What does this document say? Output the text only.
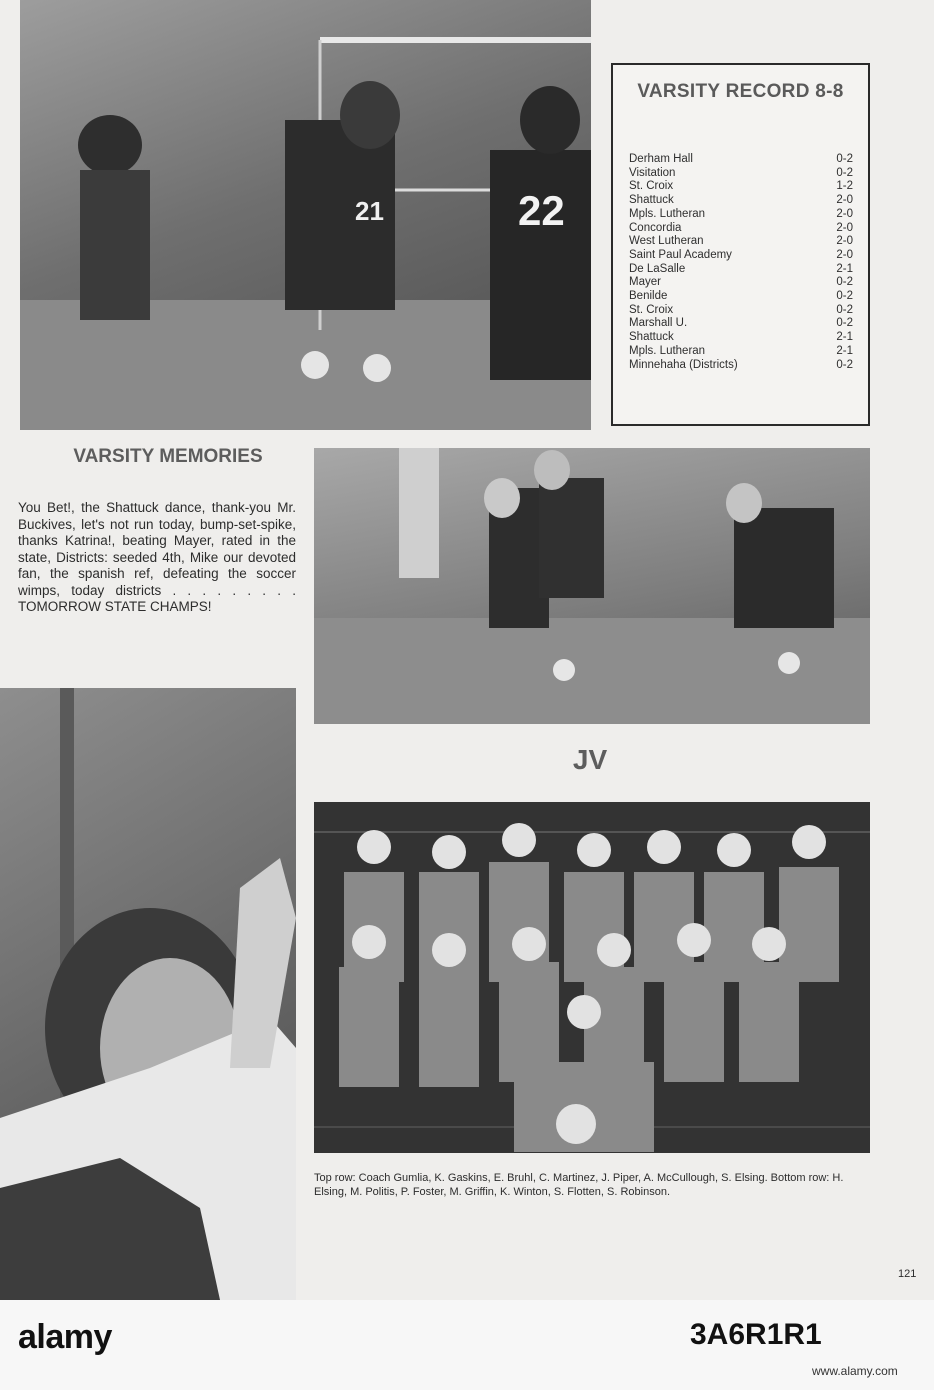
21	22
VARSITY RECORD 8-8
Derham Hall	0-2
Visitation	0-2
St. Croix	1-2
Shattuck	2-0
Mpls. Lutheran	2-0
Concordia	2-0
West Lutheran	2-0
Saint Paul Academy	2-0
De LaSalle	2-1
Mayer	0-2
Benilde	0-2
St. Croix	0-2
Marshall U.	0-2
Shattuck	2-1
Mpls. Lutheran	2-1
Minnehaha (Districts)	0-2
VARSITY MEMORIES
You Bet!, the Shattuck dance, thank-you Mr. Buckives, let's not run today, bump-set-spike, thanks Katrina!, beating Mayer, rated in the state, Districts: seeded 4th, Mike our devoted fan, the spanish ref, defeating the soccer wimps, today districts . . . . . . . . . TOMORROW STATE CHAMPS!
JV
Top row: Coach Gumlia, K. Gaskins, E. Bruhl, C. Martinez, J. Piper, A. McCullough, S. Elsing. Bottom row: H. Elsing, M. Politis, P. Foster, M. Griffin, K. Winton, S. Flotten, S. Robinson.
121
alamy	3A6R1R1
www.alamy.com
